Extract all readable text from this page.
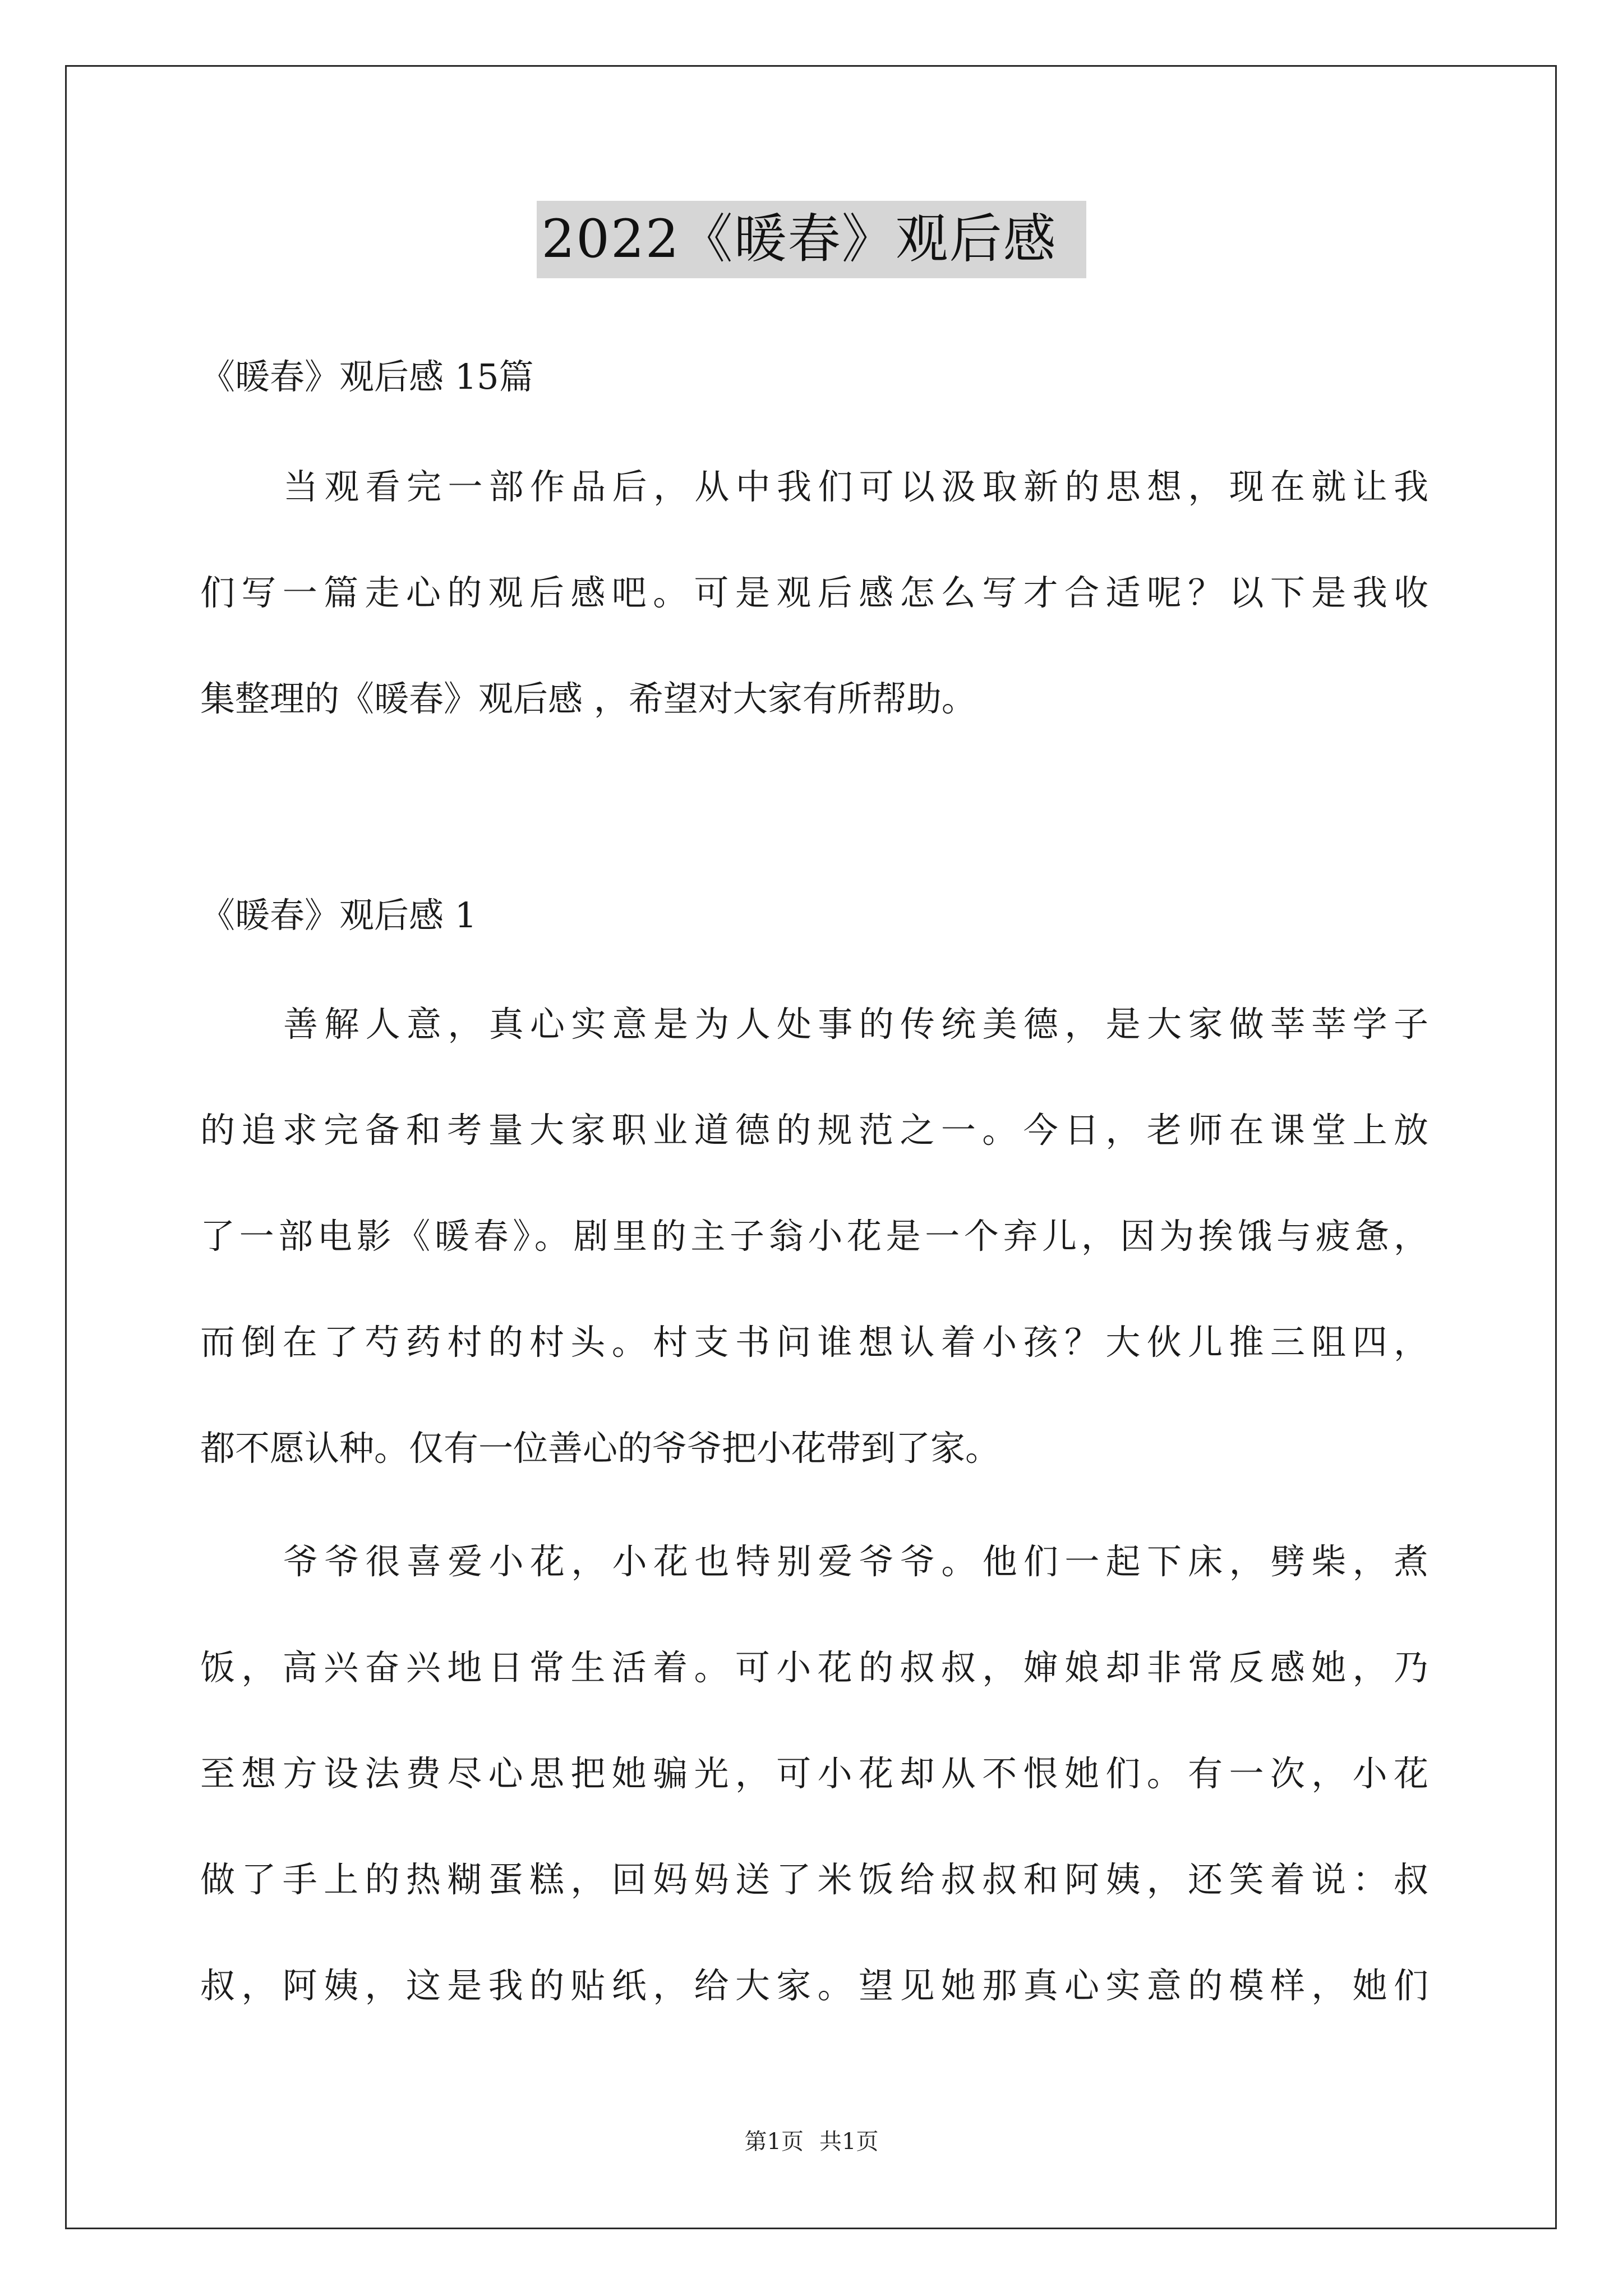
2022《暖春》观后感
《暖春》观后感 15篇
当观看完一部作品后，从中我们可以汲取新的思想，现在就让我
们写一篇走心的观后感吧。可是观后感怎么写才合适呢？以下是我收
集整理的《暖春》观后感 ，希望对大家有所帮助。
善解人意，真心实意是为人处事的传统美德，是大家做莘莘学子
的追求完备和考量大家职业道德的规范之一。今日，老师在课堂上放
了一部电影《暖春》。剧里的主子翁小花是一个弃儿，因为挨饿与疲惫，
而倒在了芍药村的村头。村支书问谁想认着小孩？大伙儿推三阻四，
都不愿认种。仅有一位善心的爷爷把小花带到了家。
爷爷很喜爱小花，小花也特别爱爷爷。他们一起下床，劈柴，煮
饭，高兴奋兴地日常生活着。可小花的叔叔，婶娘却非常反感她，乃
至想方设法费尽心思把她骗光，可小花却从不恨她们。有一次，小花
做了手上的热糊蛋糕，回妈妈送了米饭给叔叔和阿姨，还笑着说：叔
叔，阿姨，这是我的贴纸，给大家。望见她那真心实意的模样，她们
《暖春》观后感 1
第1页 共1页
